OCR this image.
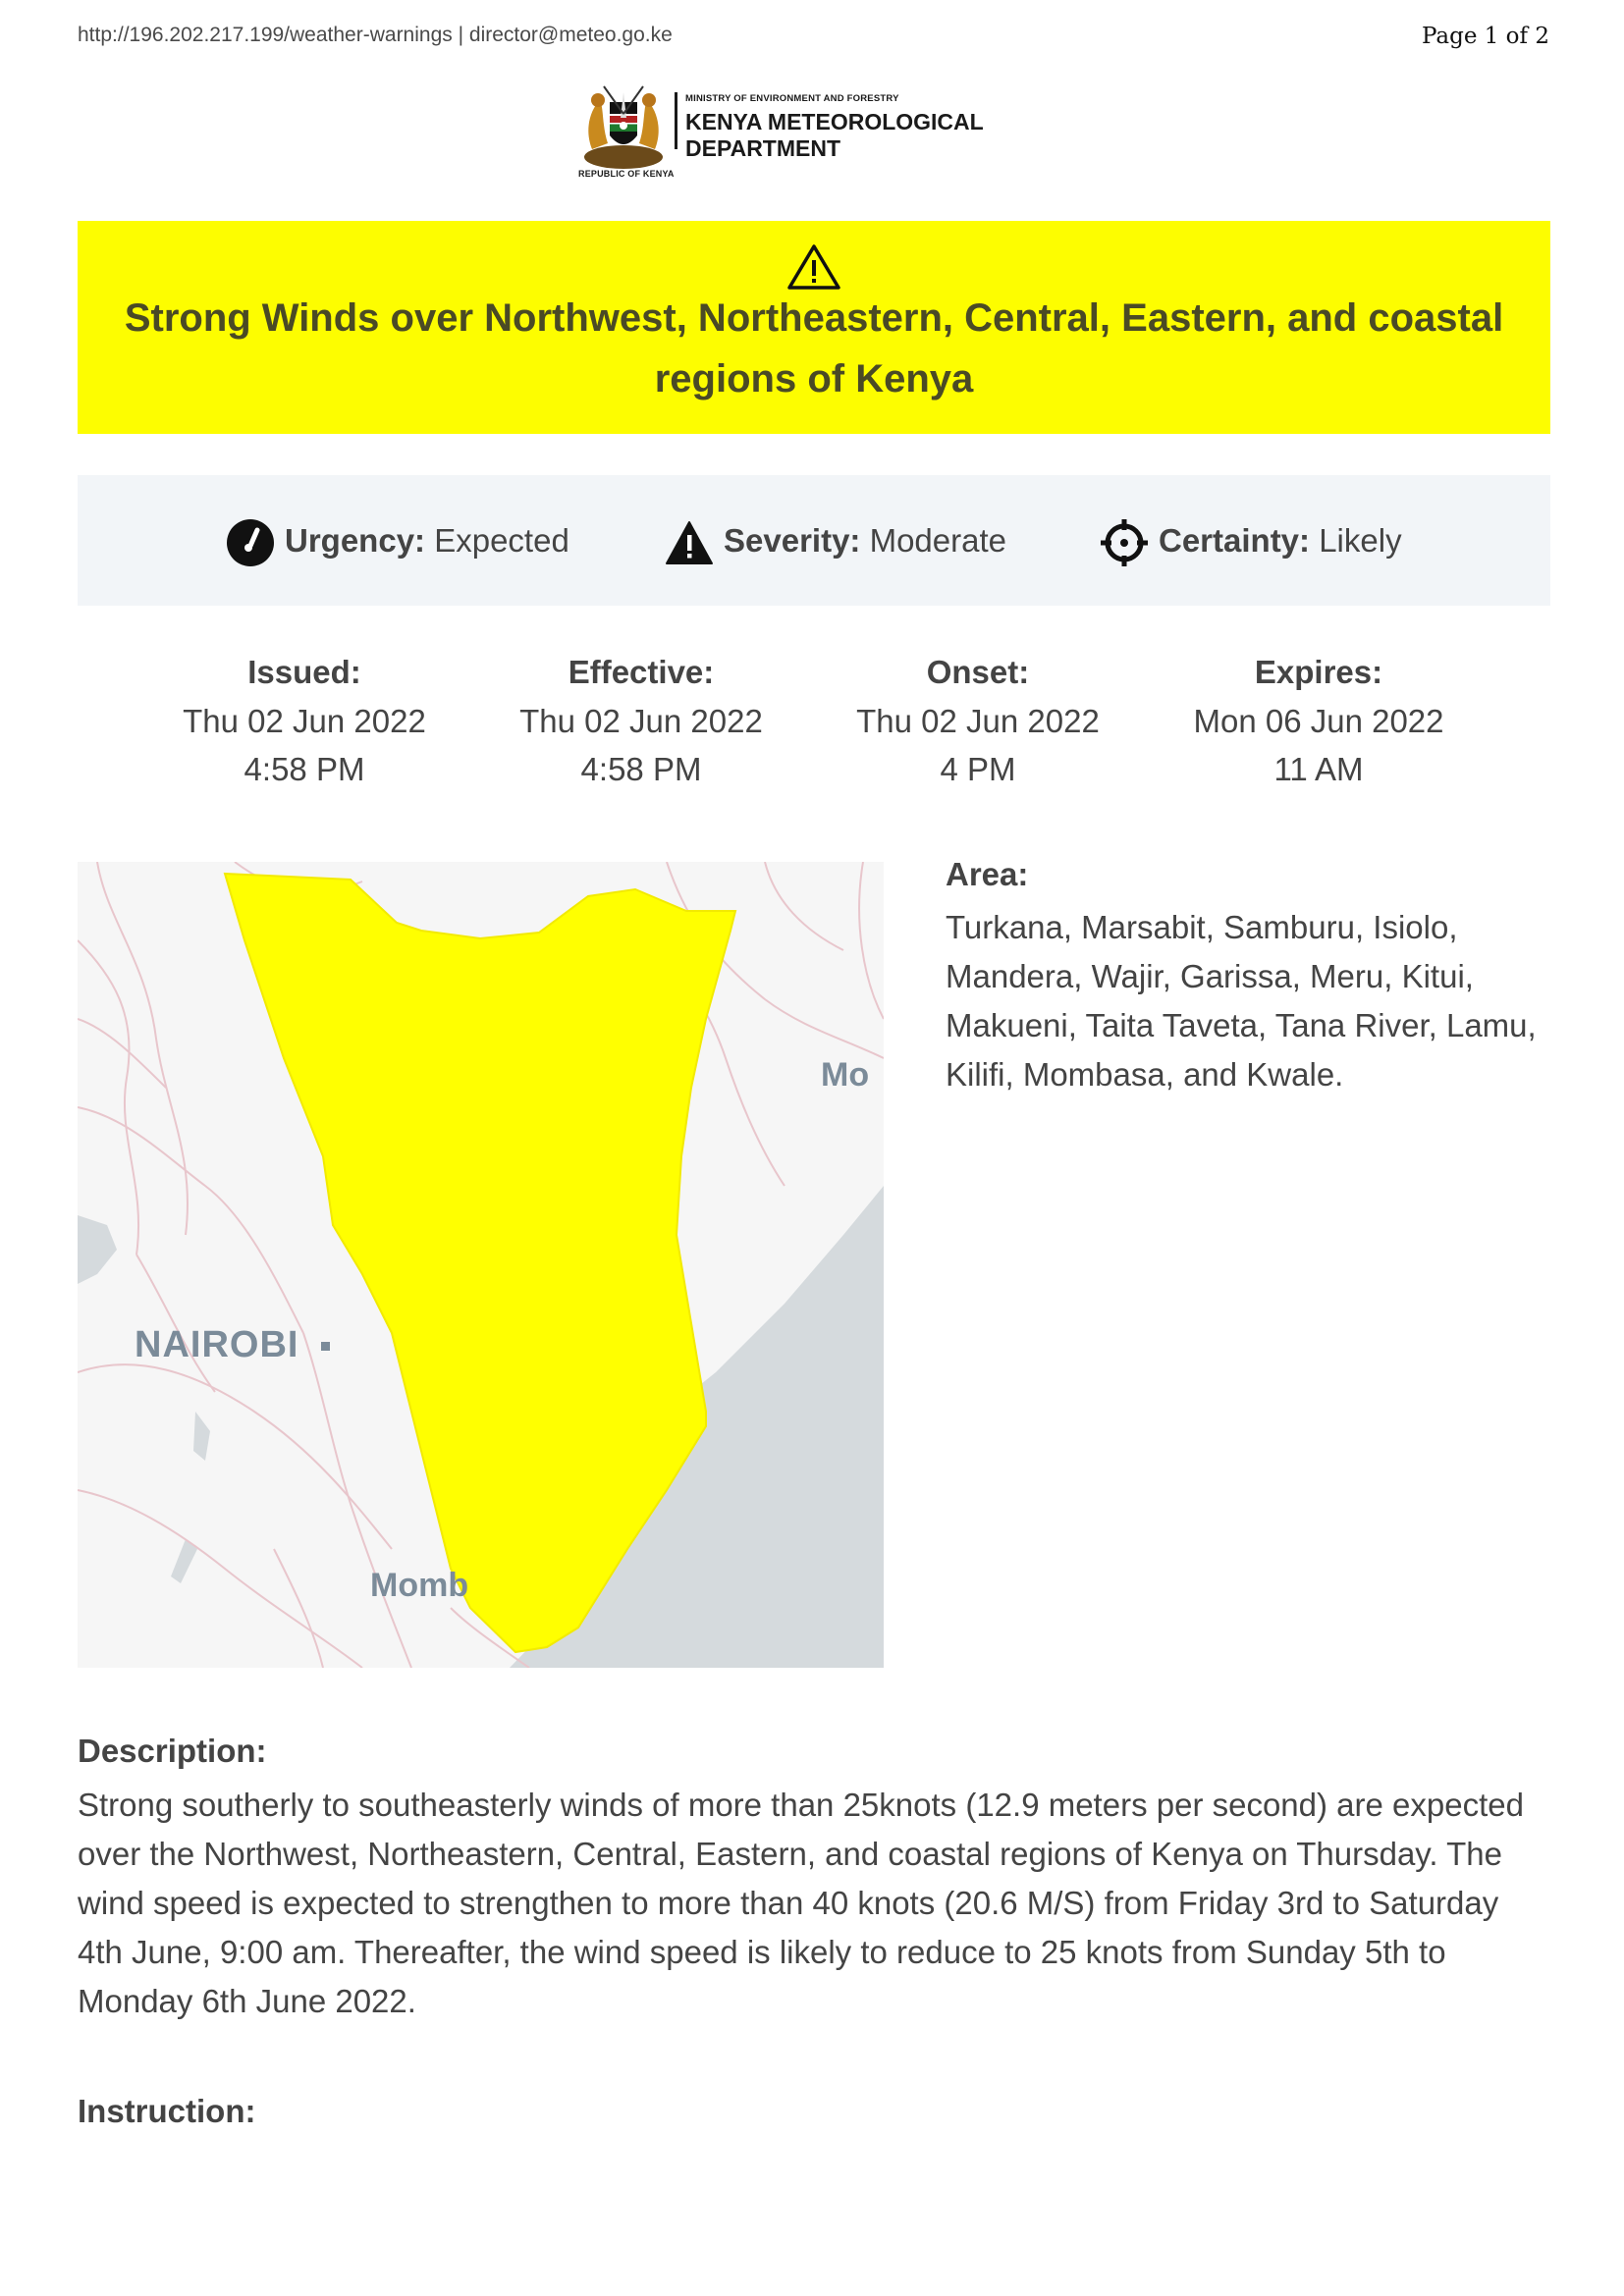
http://196.202.217.199/weather-warnings | director@meteo.go.ke	Page 1 of 2
REPUBLIC OF KENYA
MINISTRY OF ENVIRONMENT AND FORESTRY
KENYA METEOROLOGICAL
DEPARTMENT
Strong Winds over Northwest, Northeastern, Central, Eastern, and coastal regions of Kenya
Urgency: Expected	Severity: Moderate	Certainty: Likely
Issued:
Thu 02 Jun 2022
4:58 PM
Effective:
Thu 02 Jun 2022
4:58 PM
Onset:
Thu 02 Jun 2022
4 PM
Expires:
Mon 06 Jun 2022
11 AM
NAIROBI
Momb
Mo
Area:
Turkana, Marsabit, Samburu, Isiolo, Mandera, Wajir, Garissa, Meru, Kitui, Makueni, Taita Taveta, Tana River, Lamu, Kilifi, Mombasa, and Kwale.
Description:
Strong southerly to southeasterly winds of more than 25knots (12.9 meters per second) are expected over the Northwest, Northeastern, Central, Eastern, and coastal regions of Kenya on Thursday. The wind speed is expected to strengthen to more than 40 knots (20.6 M/S) from Friday 3rd to Saturday 4th June, 9:00 am. Thereafter, the wind speed is likely to reduce to 25 knots from Sunday 5th to Monday 6th June 2022.
Instruction:
